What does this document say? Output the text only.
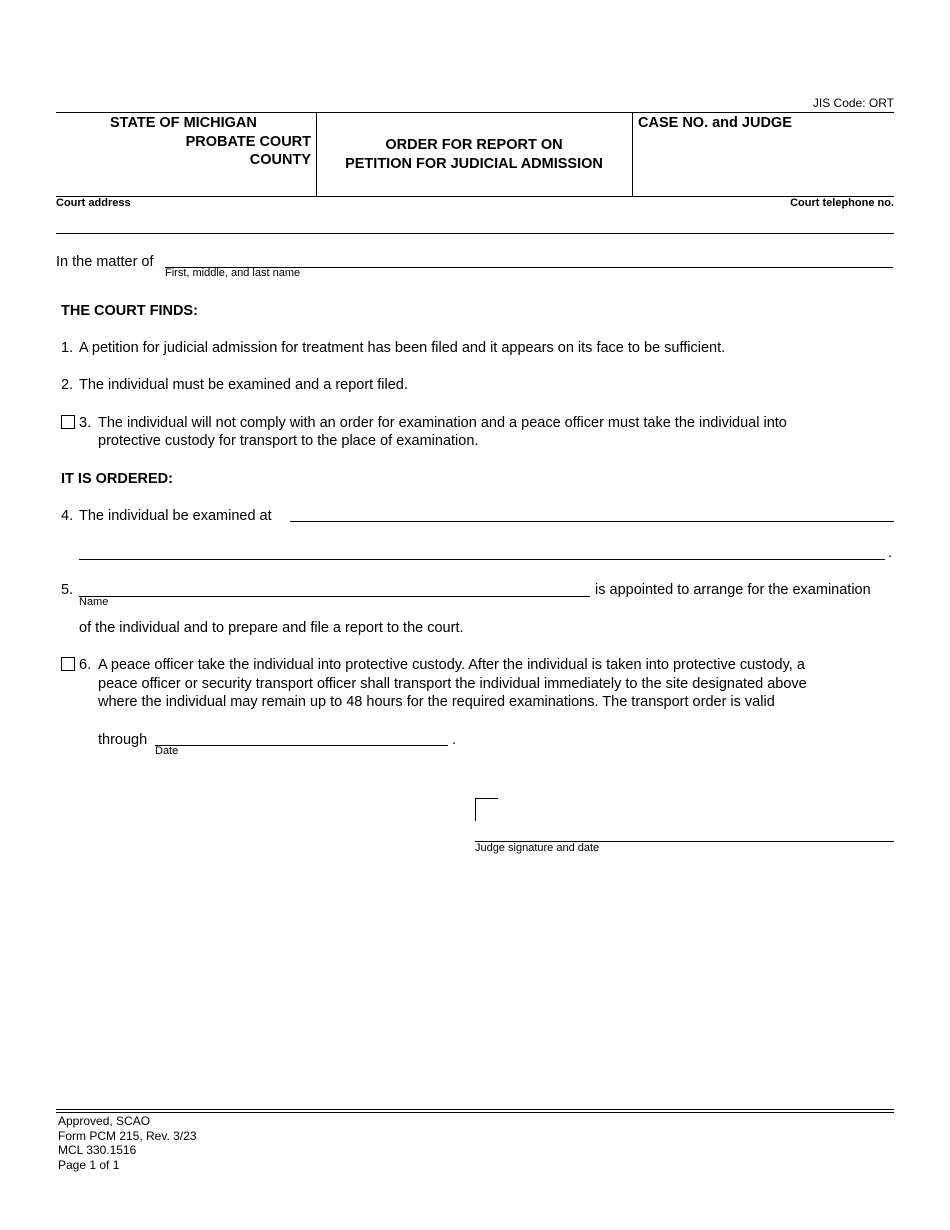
JIS Code: ORT
STATE OF MICHIGAN
PROBATE COURT
COUNTY
ORDER FOR REPORT ON
PETITION FOR JUDICIAL ADMISSION
CASE NO. and JUDGE
Court address	Court telephone no.
In the matter of
First, middle, and last name
THE COURT FINDS:
1. A petition for judicial admission for treatment has been filed and it appears on its face to be sufficient.
2. The individual must be examined and a report filed.
3. The individual will not comply with an order for examination and a peace officer must take the individual into
protective custody for transport to the place of examination.
IT IS ORDERED:
4. The individual be examined at
.
5.
Name
is appointed to arrange for the examination
of the individual and to prepare and file a report to the court.
6. A peace officer take the individual into protective custody. After the individual is taken into protective custody, a
peace officer or security transport officer shall transport the individual immediately to the site designated above
where the individual may remain up to 48 hours for the required examinations. The transport order is valid
through
Date
.
Judge signature and date
Approved, SCAO
Form PCM 215, Rev. 3/23
MCL 330.1516
Page 1 of 1
